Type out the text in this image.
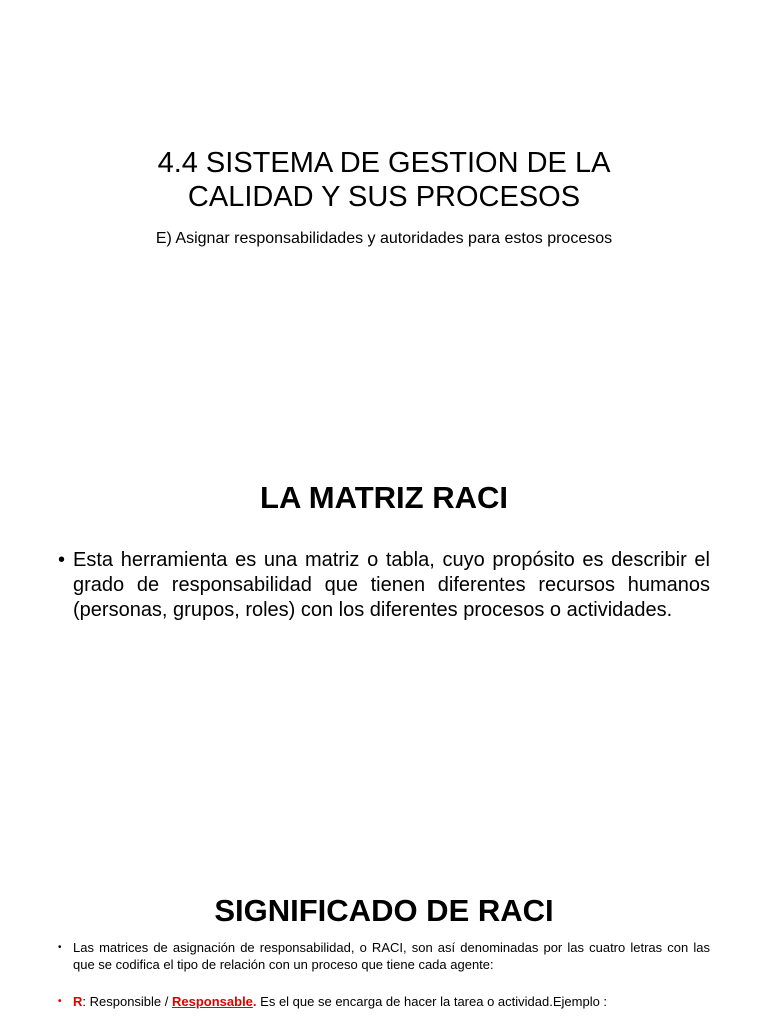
4.4 SISTEMA DE GESTION DE LA
CALIDAD Y SUS PROCESOS

E) Asignar responsabilidades y autoridades para estos procesos

LA MATRIZ RACI
• Esta herramienta es una matriz o tabla, cuyo propósito es describir el grado de responsabilidad que tienen diferentes recursos humanos (personas, grupos, roles) con los diferentes procesos o actividades.
SIGNIFICADO DE RACI
• Las matrices de asignación de responsabilidad, o RACI, son así denominadas por las cuatro letras con las que se codifica el tipo de relación con un proceso que tiene cada agente:
• R: Responsible / Responsable. Es el que se encarga de hacer la tarea o actividad.Ejemplo :
